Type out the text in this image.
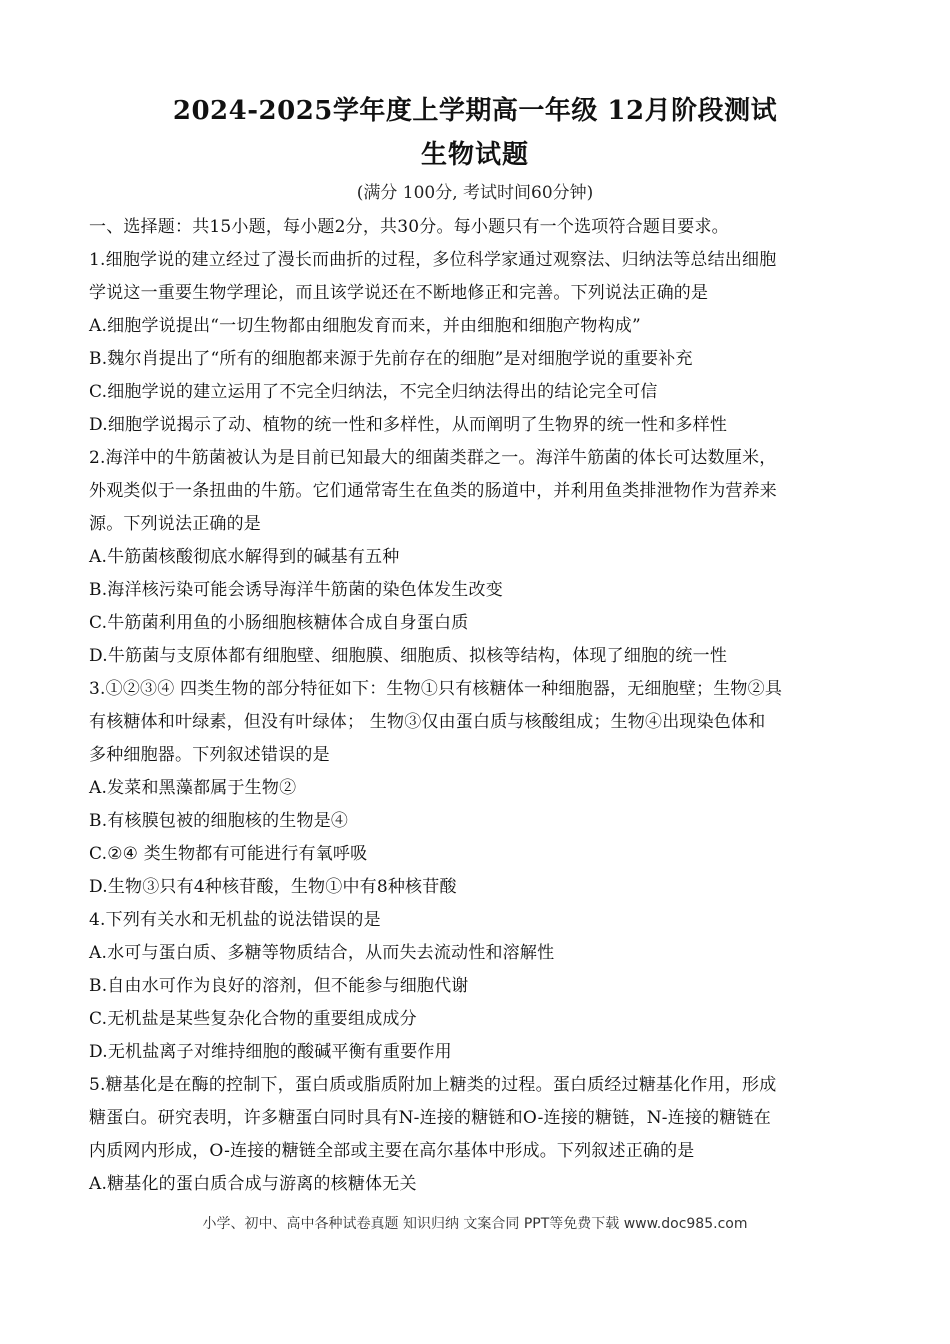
2024-2025学年度上学期高一年级 12月阶段测试
生物试题
(满分 100分, 考试时间60分钟)
一、选择题：共15小题，每小题2分，共30分。每小题只有一个选项符合题目要求。
1.细胞学说的建立经过了漫长而曲折的过程，多位科学家通过观察法、归纳法等总结出细胞
学说这一重要生物学理论，而且该学说还在不断地修正和完善。下列说法正确的是
A.细胞学说提出“一切生物都由细胞发育而来，并由细胞和细胞产物构成”
B.魏尔肖提出了“所有的细胞都来源于先前存在的细胞”是对细胞学说的重要补充
C.细胞学说的建立运用了不完全归纳法，不完全归纳法得出的结论完全可信
D.细胞学说揭示了动、植物的统一性和多样性，从而阐明了生物界的统一性和多样性
2.海洋中的牛筋菌被认为是目前已知最大的细菌类群之一。海洋牛筋菌的体长可达数厘米，
外观类似于一条扭曲的牛筋。它们通常寄生在鱼类的肠道中，并利用鱼类排泄物作为营养来
源。下列说法正确的是
A.牛筋菌核酸彻底水解得到的碱基有五种
B.海洋核污染可能会诱导海洋牛筋菌的染色体发生改变
C.牛筋菌利用鱼的小肠细胞核糖体合成自身蛋白质
D.牛筋菌与支原体都有细胞壁、细胞膜、细胞质、拟核等结构，体现了细胞的统一性
3.①②③④ 四类生物的部分特征如下：生物①只有核糖体一种细胞器，无细胞壁；生物②具
有核糖体和叶绿素，但没有叶绿体； 生物③仅由蛋白质与核酸组成；生物④出现染色体和
多种细胞器。下列叙述错误的是
A.发菜和黑藻都属于生物②
B.有核膜包被的细胞核的生物是④
C.②④ 类生物都有可能进行有氧呼吸
D.生物③只有4种核苷酸，生物①中有8种核苷酸
4.下列有关水和无机盐的说法错误的是
A.水可与蛋白质、多糖等物质结合，从而失去流动性和溶解性
B.自由水可作为良好的溶剂，但不能参与细胞代谢
C.无机盐是某些复杂化合物的重要组成成分
D.无机盐离子对维持细胞的酸碱平衡有重要作用
5.糖基化是在酶的控制下，蛋白质或脂质附加上糖类的过程。蛋白质经过糖基化作用，形成
糖蛋白。研究表明，许多糖蛋白同时具有N-连接的糖链和O-连接的糖链，N-连接的糖链在
内质网内形成，O-连接的糖链全部或主要在高尔基体中形成。下列叙述正确的是
A.糖基化的蛋白质合成与游离的核糖体无关
小学、初中、高中各种试卷真题 知识归纳 文案合同 PPT等免费下载 www.doc985.com
